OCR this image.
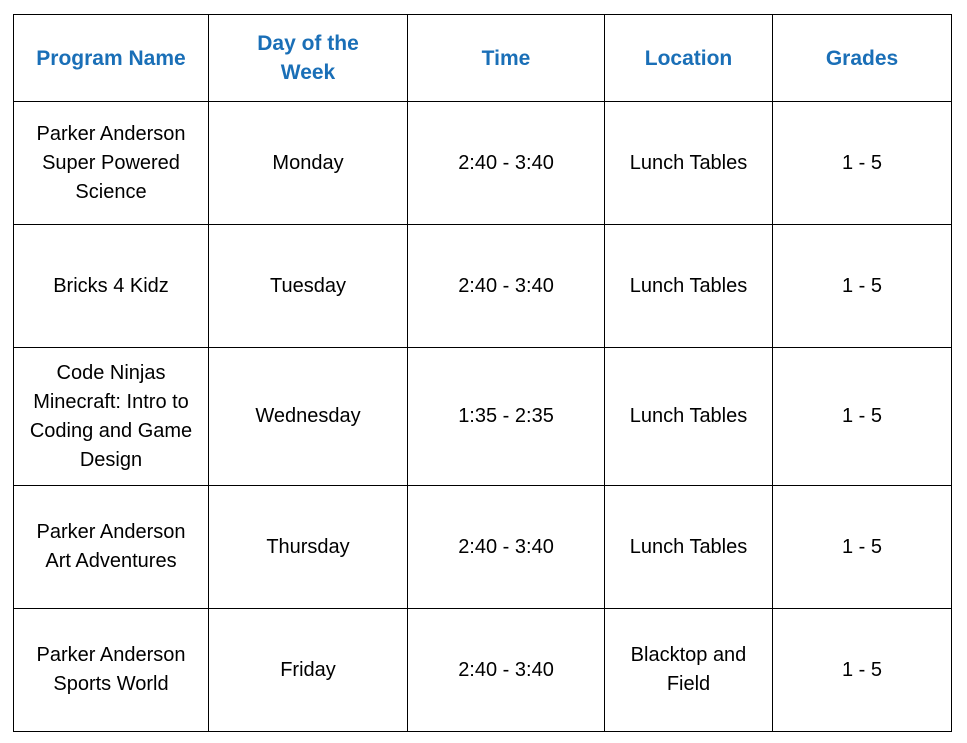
Program Name	Day of the Week	Time	Location	Grades
Parker Anderson Super Powered Science	Monday	2:40 - 3:40	Lunch Tables	1 - 5
Bricks 4 Kidz	Tuesday	2:40 - 3:40	Lunch Tables	1 - 5
Code Ninjas Minecraft: Intro to Coding and Game Design	Wednesday	1:35 - 2:35	Lunch Tables	1 - 5
Parker Anderson Art Adventures	Thursday	2:40 - 3:40	Lunch Tables	1 - 5
Parker Anderson Sports World	Friday	2:40 - 3:40	Blacktop and Field	1 - 5
